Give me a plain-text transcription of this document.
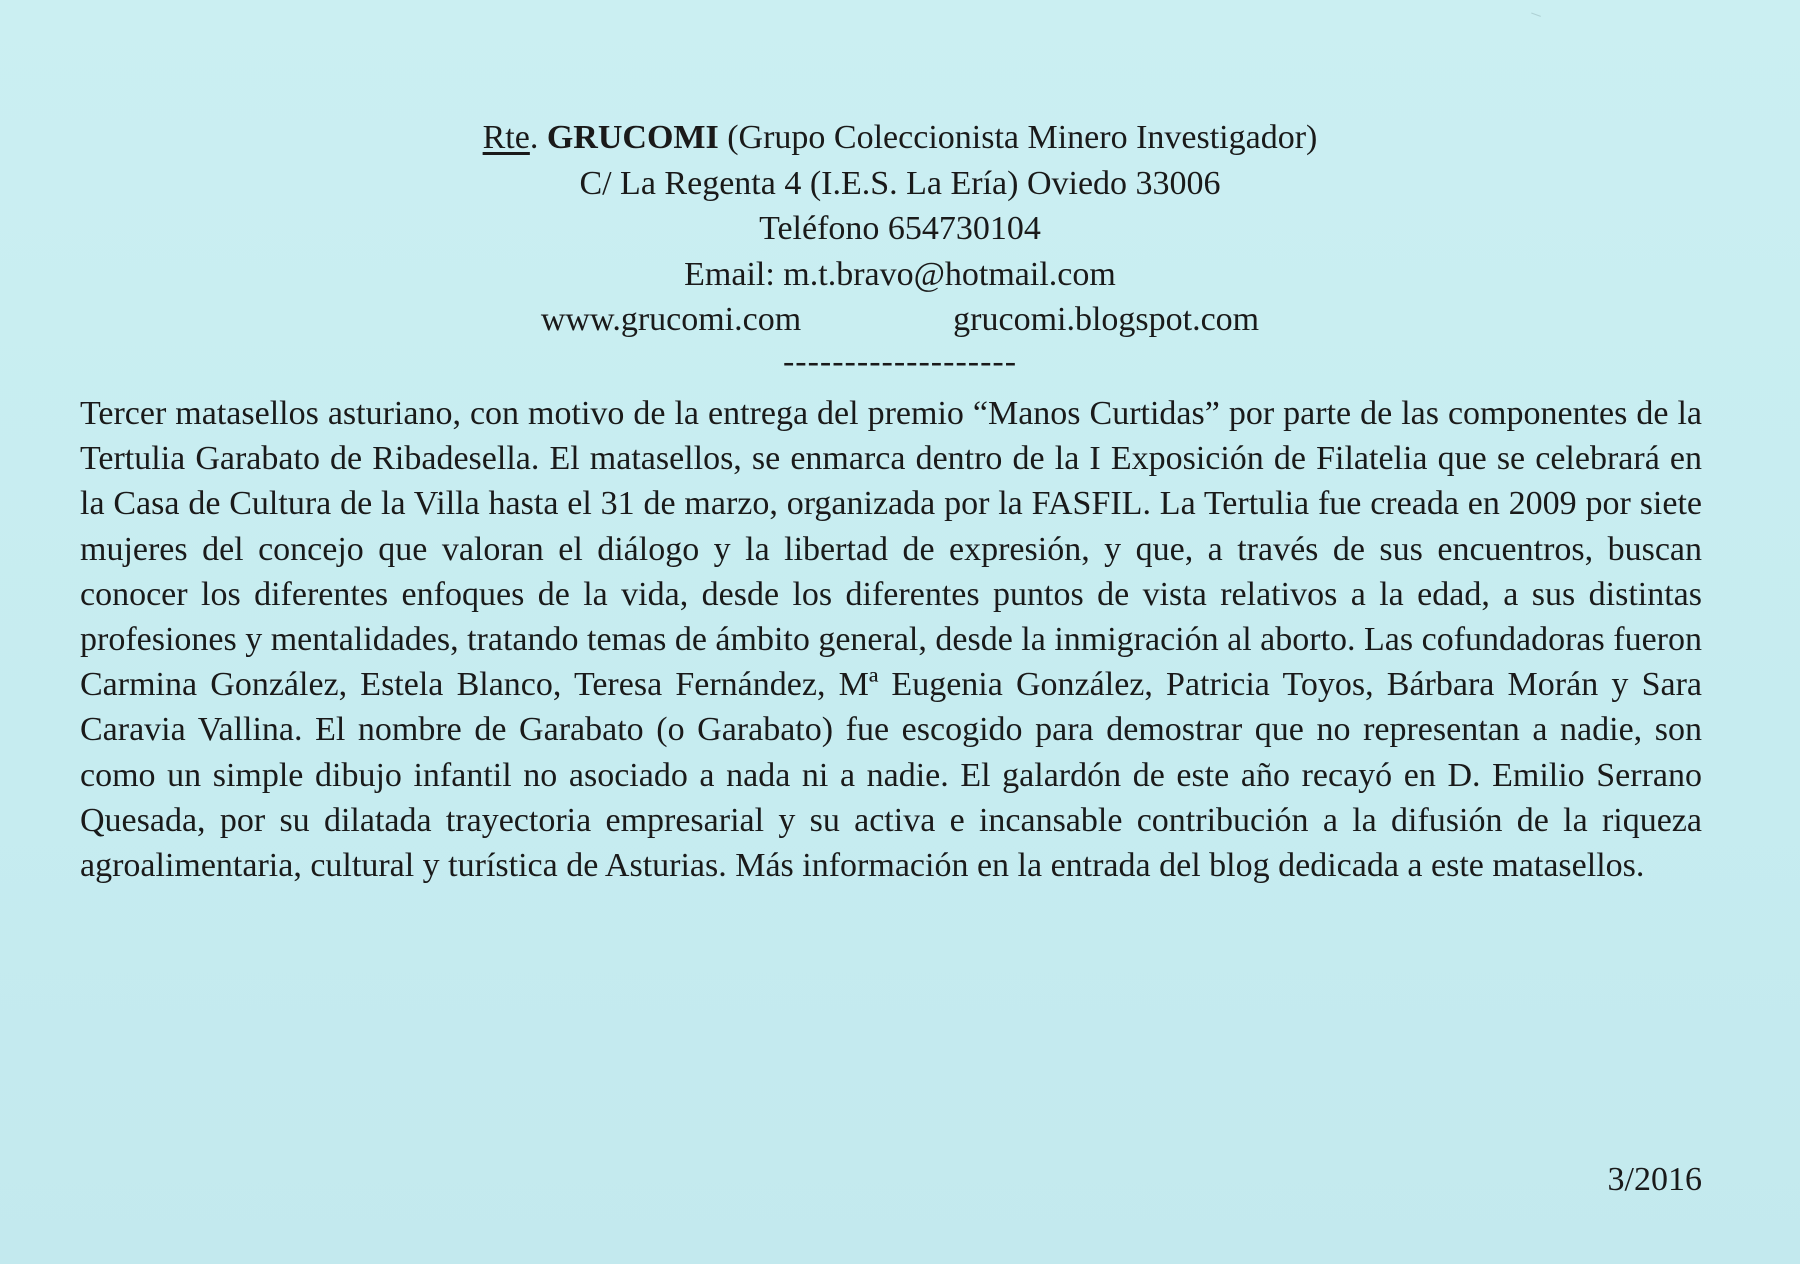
Rte. GRUCOMI (Grupo Coleccionista Minero Investigador)
C/ La Regenta 4 (I.E.S. La Ería) Oviedo 33006
Teléfono 654730104
Email: m.t.bravo@hotmail.com
www.grucomi.com	grucomi.blogspot.com
-------------------

Tercer matasellos asturiano, con motivo de la entrega del premio “Manos Curtidas” por parte de las componentes de la Tertulia Garabato de Ribadesella. El matasellos, se enmarca dentro de la I Exposición de Filatelia que se celebrará en la Casa de Cultura de la Villa hasta el 31 de marzo, organizada por la FASFIL. La Tertulia fue creada en 2009 por siete mujeres del concejo que valoran el diálogo y la libertad de expresión, y que, a través de sus encuentros, buscan conocer los diferentes enfoques de la vida, desde los diferentes puntos de vista relativos a la edad, a sus distintas profesiones y mentalidades, tratando temas de ámbito general, desde la inmigración al aborto. Las cofundadoras fueron Carmina González, Estela Blanco, Teresa Fernández, Mª Eugenia González, Patricia Toyos, Bárbara Morán y Sara Caravia Vallina. El nombre de Garabato (o Garabato) fue escogido para demostrar que no representan a nadie, son como un simple dibujo infantil no asociado a nada ni a nadie. El galardón de este año recayó en D. Emilio Serrano Quesada, por su dilatada trayectoria empresarial y su activa e incansable contribución a la difusión de la riqueza agroalimentaria, cultural y turística de Asturias. Más información en la entrada del blog dedicada a este matasellos.

3/2016
